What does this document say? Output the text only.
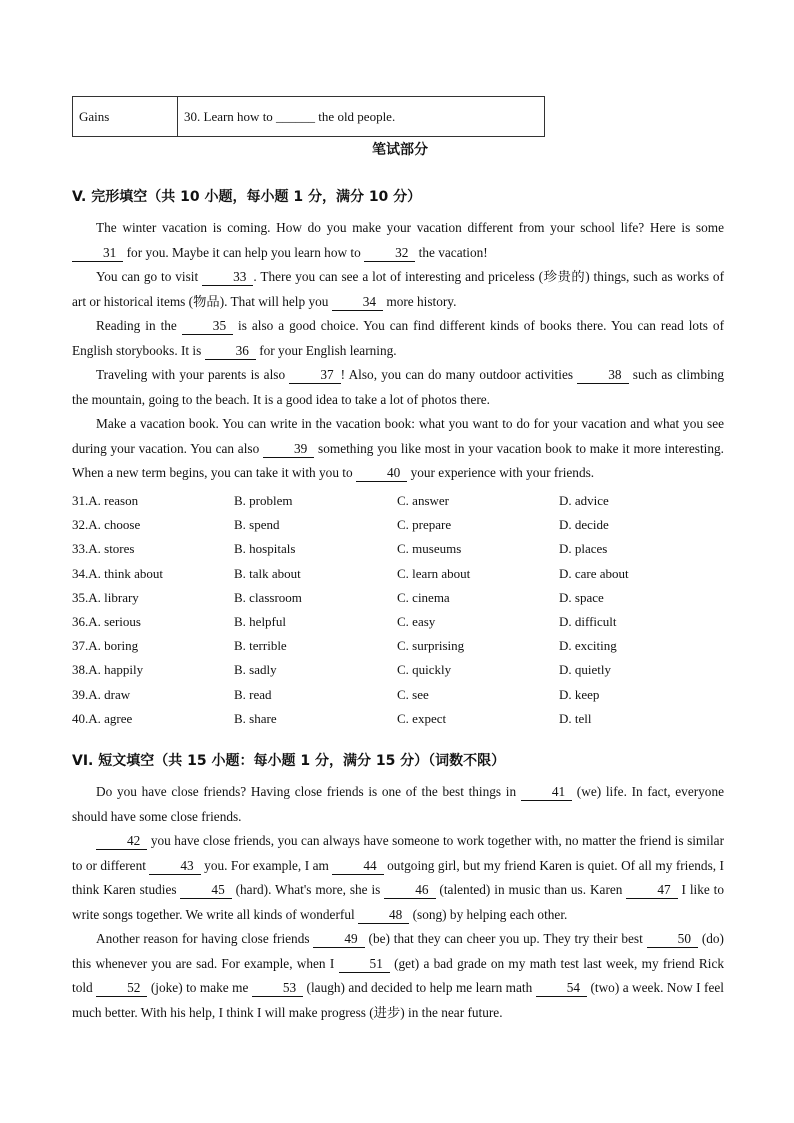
Gains	30. Learn how to ______ the old people.
笔试部分
V. 完形填空（共 10 小题，每小题 1 分，满分 10 分）

The winter vacation is coming. How do you make your vacation different from your school life? Here is some 31 for you. Maybe it can help you learn how to 32 the vacation!

You can go to visit 33 . There you can see a lot of interesting and priceless (珍贵的) things, such as works of art or historical items (物品). That will help you 34 more history.

Reading in the 35 is also a good choice. You can find different kinds of books there. You can read lots of English storybooks. It is 36 for your English learning.

Traveling with your parents is also 37 ! Also, you can do many outdoor activities 38 such as climbing the mountain, going to the beach. It is a good idea to take a lot of photos there.

Make a vacation book. You can write in the vacation book: what you want to do for your vacation and what you see during your vacation. You can also 39 something you like most in your vacation book to make it more interesting. When a new term begins, you can take it with you to 40 your experience with your friends.

31.A. reason	B. problem	C. answer	D. advice
32.A. choose	B. spend	C. prepare	D. decide
33.A. stores	B. hospitals	C. museums	D. places
34.A. think about	B. talk about	C. learn about	D. care about
35.A. library	B. classroom	C. cinema	D. space
36.A. serious	B. helpful	C. easy	D. difficult
37.A. boring	B. terrible	C. surprising	D. exciting
38.A. happily	B. sadly	C. quickly	D. quietly
39.A. draw	B. read	C. see	D. keep
40.A. agree	B. share	C. expect	D. tell
VI. 短文填空（共 15 小题：每小题 1 分，满分 15 分）（词数不限）

Do you have close friends? Having close friends is one of the best things in 41 (we) life. In fact, everyone should have some close friends.

42 you have close friends, you can always have someone to work together with, no matter the friend is similar to or different 43 you. For example, I am 44 outgoing girl, but my friend Karen is quiet. Of all my friends, I think Karen studies 45 (hard). What's more, she is 46 (talented) in music than us. Karen 47 I like to write songs together. We write all kinds of wonderful 48 (song) by helping each other.

Another reason for having close friends 49 (be) that they can cheer you up. They try their best 50 (do) this whenever you are sad. For example, when I 51 (get) a bad grade on my math test last week, my friend Rick told 52 (joke) to make me 53 (laugh) and decided to help me learn math 54 (two) a week. Now I feel much better. With his help, I think I will make progress (进步) in the near future.
